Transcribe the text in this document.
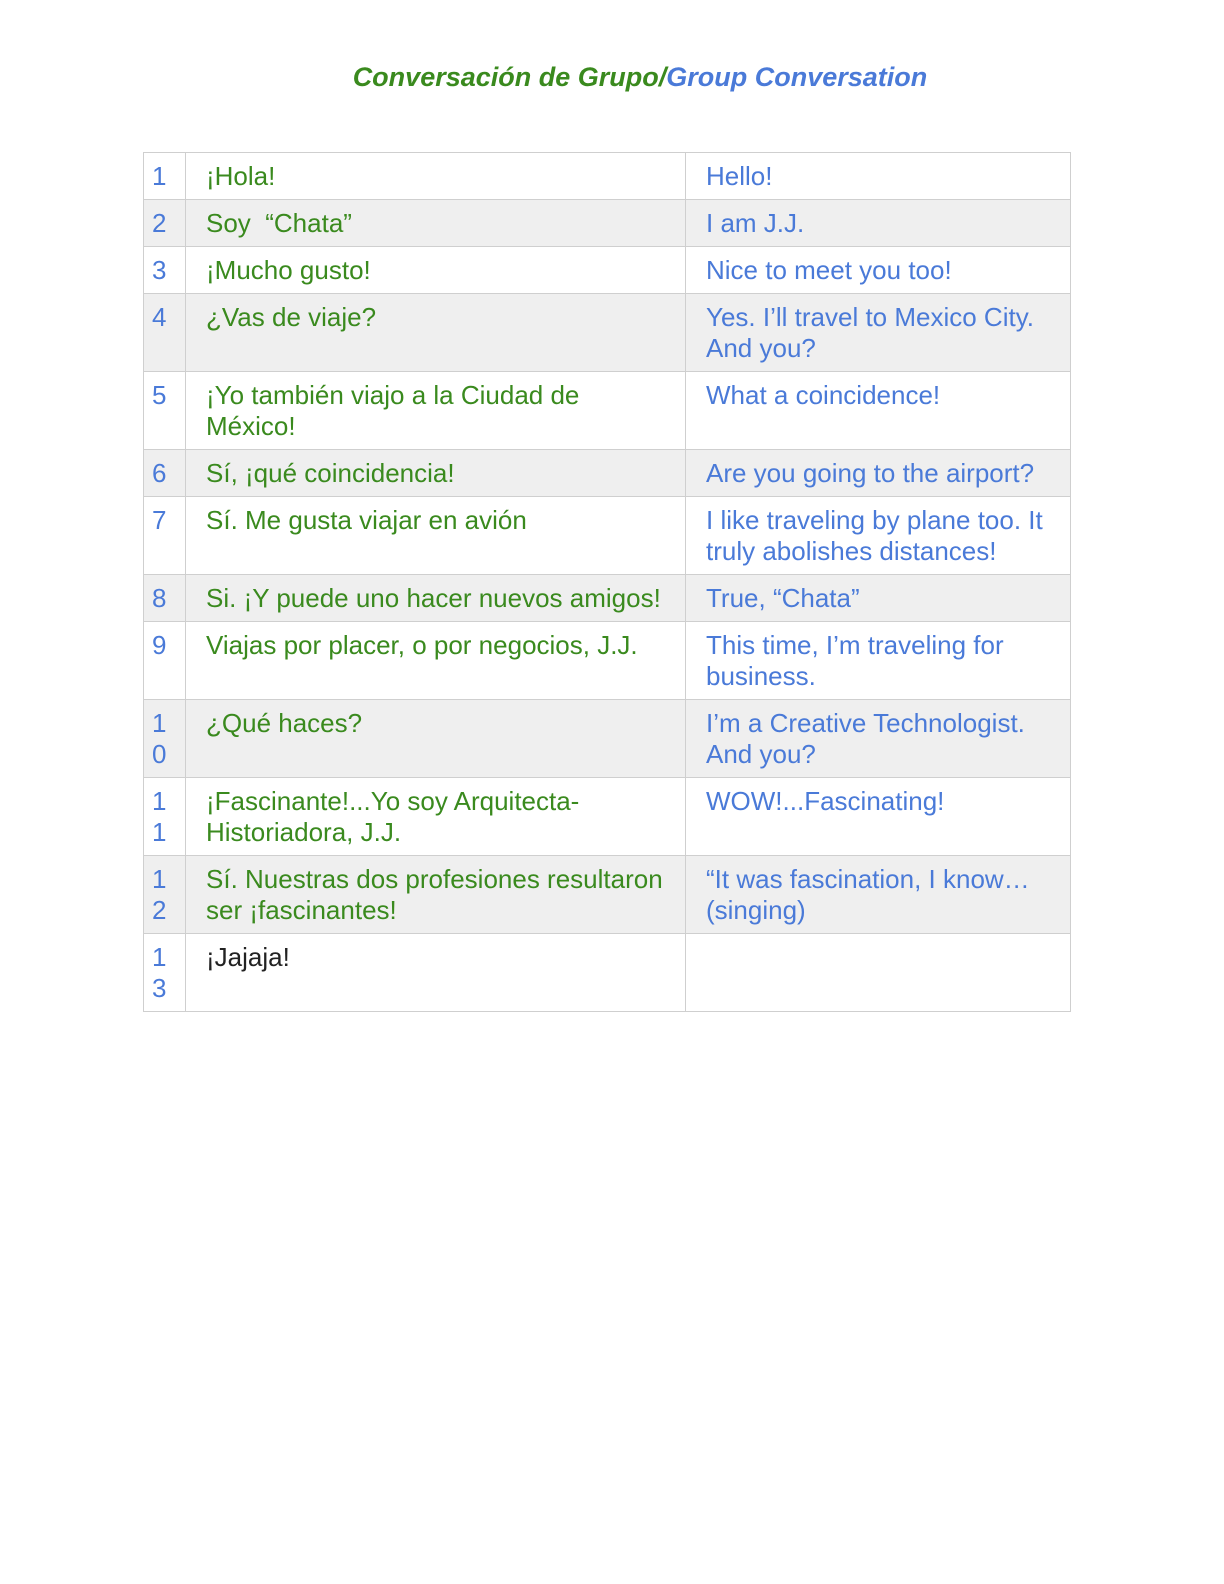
Conversación de Grupo/Group Conversation
1	¡Hola!	Hello!

2	Soy  “Chata”	I am J.J.

3	¡Mucho gusto!	Nice to meet you too!

4	¿Vas de viaje?	Yes. I’ll travel to Mexico City. And you?

5	¡Yo también viajo a la Ciudad de México!	What a coincidence!

6	Sí, ¡qué coincidencia!	Are you going to the airport?

7	Sí. Me gusta viajar en avión	I like traveling by plane too. It truly abolishes distances!

8	Si. ¡Y puede uno hacer nuevos amigos!	True, “Chata”

9	Viajas por placer, o por negocios, J.J.	This time, I’m traveling for business.

10	¿Qué haces?	I’m a Creative Technologist. And you?

11	¡Fascinante!...Yo soy Arquitecta-Historiadora, J.J.	WOW!...Fascinating!

12	Sí. Nuestras dos profesiones resultaron ser ¡fascinantes!	“It was fascination, I know…(singing)

13	¡Jajaja!	
